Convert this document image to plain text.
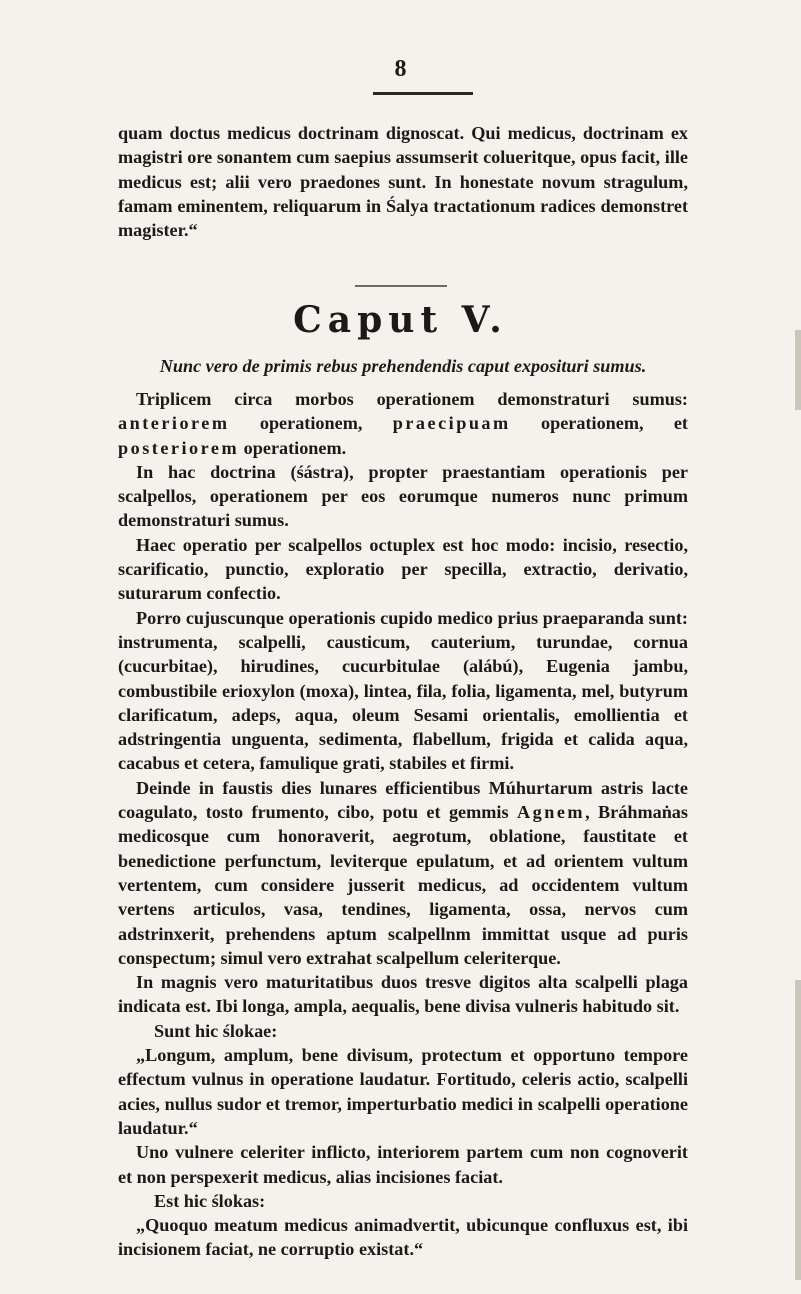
8

quam doctus medicus doctrinam dignoscat. Qui medicus, doctrinam ex magistri ore sonantem cum saepius assumserit colueritque, opus facit, ille medicus est; alii vero praedones sunt. In honestate novum stragulum, famam eminentem, reliquarum in Śalya tractationum radices demonstret magister.“

Caput V.
Nunc vero de primis rebus prehendendis caput exposituri sumus.

Triplicem circa morbos operationem demonstraturi sumus: anteriorem operationem, praecipuam operationem, et posteriorem operationem.

In hac doctrina (śástra), propter praestantiam operationis per scalpellos, operationem per eos eorumque numeros nunc primum demonstraturi sumus.

Haec operatio per scalpellos octuplex est hoc modo: incisio, resectio, scarificatio, punctio, exploratio per specilla, extractio, derivatio, suturarum confectio.

Porro cujuscunque operationis cupido medico prius praeparanda sunt: instrumenta, scalpelli, causticum, cauterium, turundae, cornua (cucurbitae), hirudines, cucurbitulae (alábú), Eugenia jambu, combustibile erioxylon (moxa), lintea, fila, folia, ligamenta, mel, butyrum clarificatum, adeps, aqua, oleum Sesami orientalis, emollientia et adstringentia unguenta, sedimenta, flabellum, frigida et calida aqua, cacabus et cetera, famulique grati, stabiles et firmi.

Deinde in faustis dies lunares efficientibus Múhurtarum astris lacte coagulato, tosto frumento, cibo, potu et gemmis Agnem, Bráhmaṅas medicosque cum honoraverit, aegrotum, oblatione, faustitate et benedictione perfunctum, leviterque epulatum, et ad orientem vultum vertentem, cum considere jusserit medicus, ad occidentem vultum vertens articulos, vasa, tendines, ligamenta, ossa, nervos cum adstrinxerit, prehendens aptum scalpellnm immittat usque ad puris conspectum; simul vero extrahat scalpellum celeriterque.

In magnis vero maturitatibus duos tresve digitos alta scalpelli plaga indicata est. Ibi longa, ampla, aequalis, bene divisa vulneris habitudo sit.

Sunt hic ślokae:

„Longum, amplum, bene divisum, protectum et opportuno tempore effectum vulnus in operatione laudatur. Fortitudo, celeris actio, scalpelli acies, nullus sudor et tremor, imperturbatio medici in scalpelli operatione laudatur.“

Uno vulnere celeriter inflicto, interiorem partem cum non cognoverit et non perspexerit medicus, alias incisiones faciat.

Est hic ślokas:

„Quoquo meatum medicus animadvertit, ubicunque confluxus est, ibi incisionem faciat, ne corruptio existat.“
